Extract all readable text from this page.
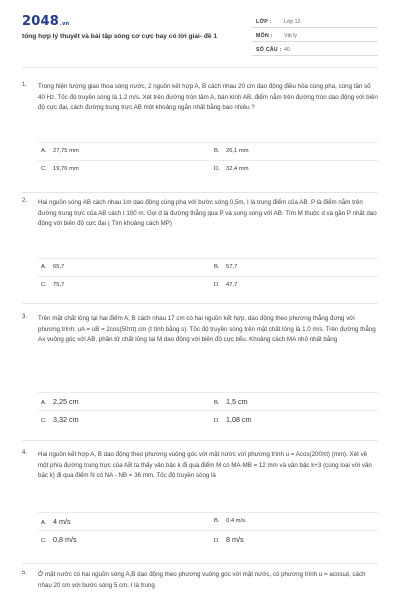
2048.vn
tổng hợp lý thuyết và bài tập sóng cơ cực hay có lời giải- đề 1
LỚP : Lớp 12
MÔN : Vật lý
SỐ CÂU : 40
1. Trong hiện tượng giao thoa sóng nước, 2 nguồn kết hợp A, B cách nhau 20 cm dao động điều hòa cùng pha, cùng tần số 40 Hz. Tốc độ truyền sóng là 1,2 m/s. Xét trên đường tròn tâm A, bán kính AB, điểm nằm trên đường tròn dao động với biên độ cực đại, cách đường trung trực AB một khoảng ngắn nhất bằng bao nhiêu ?
A. 27,75 mm	B. 26,1 mm
C. 19,76 mm	D. 32,4 mm
2. Hai nguồn sóng AB cách nhau 1m dao động cùng pha với bước sóng 0,5m, I là trung điểm của AB. P là điểm nằm trên đường trung trực của AB cách I 100 m. Gọi d là đường thẳng qua P và song song với AB. Tìm M thuộc d và gần P nhất dao động với biên độ cực đại ( Tìm khoảng cách MP)
A. 65,7	B. 57,7
C. 75,7	D. 47,7
3. Trên mặt chất lỏng tại hai điểm A, B cách nhau 17 cm có hai nguồn kết hợp, dao động theo phương thẳng đứng với phương trình: uA = uB = 2cos(50πt) cm (t tính bằng s). Tốc độ truyền sóng trên mặt chất lỏng là 1,0 m/s. Trên đường thẳng Ax vuông góc với AB, phần tử chất lỏng tại M dao động với biên độ cực tiểu. Khoảng cách MA nhỏ nhất bằng
A. 2,25 cm	B. 1,5 cm
C. 3,32 cm	D. 1,08 cm
4. Hai nguồn kết hợp A, B dao động theo phương vuông góc với mặt nước với phương trình u = Acos(200πt) (mm). Xét về một phía đường trung trực của AB ta thấy vân bậc k đi qua điểm M có MA-MB = 12 mm và vân bậc k+3 (cùng loại với vân bậc k) đi qua điểm N có NA - NB = 36 mm. Tốc độ truyền sóng là
A. 4 m/s	B. 0,4 m/s.
C. 0,8 m/s	D. 8 m/s
5. Ở mặt nước có hai nguồn sóng A,B dao động theo phương vuông góc với mặt nước, có phương trình u = acosωt, cách nhau 20 cm với bước sóng 5 cm. I là trung
